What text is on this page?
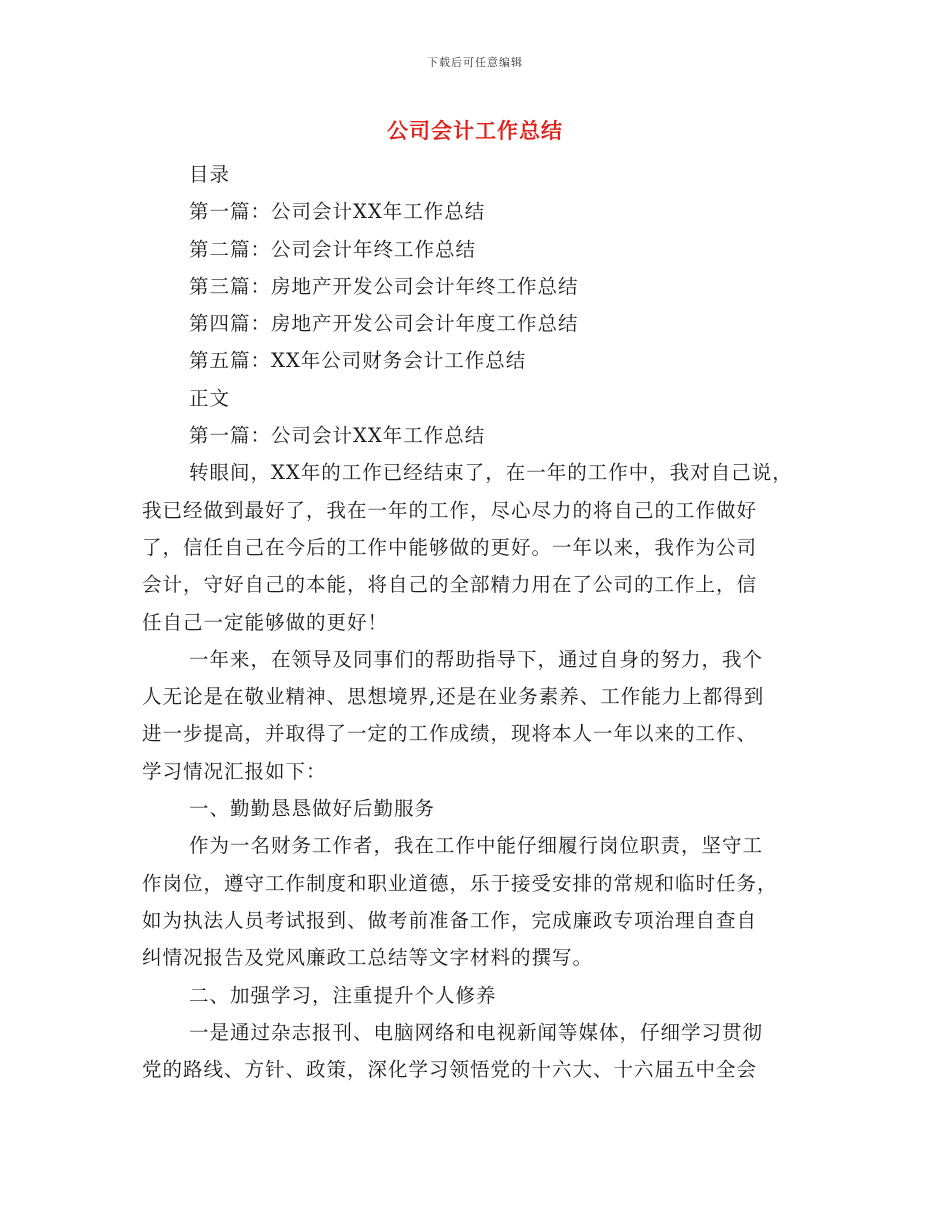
下载后可任意编辑
公司会计工作总结
目录
第一篇：公司会计XX年工作总结
第二篇：公司会计年终工作总结
第三篇：房地产开发公司会计年终工作总结
第四篇：房地产开发公司会计年度工作总结
第五篇：XX年公司财务会计工作总结
正文
第一篇：公司会计XX年工作总结
转眼间，XX年的工作已经结束了，在一年的工作中，我对自己说，
我已经做到最好了，我在一年的工作，尽心尽力的将自己的工作做好
了，信任自己在今后的工作中能够做的更好。一年以来，我作为公司
会计，守好自己的本能，将自己的全部精力用在了公司的工作上，信
任自己一定能够做的更好！
一年来，在领导及同事们的帮助指导下，通过自身的努力，我个
人无论是在敬业精神、思想境界,还是在业务素养、工作能力上都得到
进一步提高，并取得了一定的工作成绩，现将本人一年以来的工作、
学习情况汇报如下：
一、勤勤恳恳做好后勤服务
作为一名财务工作者，我在工作中能仔细履行岗位职责，坚守工
作岗位，遵守工作制度和职业道德，乐于接受安排的常规和临时任务，
如为执法人员考试报到、做考前准备工作，完成廉政专项治理自查自
纠情况报告及党风廉政工总结等文字材料的撰写。
二、加强学习，注重提升个人修养
一是通过杂志报刊、电脑网络和电视新闻等媒体，仔细学习贯彻
党的路线、方针、政策，深化学习领悟党的十六大、十六届五中全会
